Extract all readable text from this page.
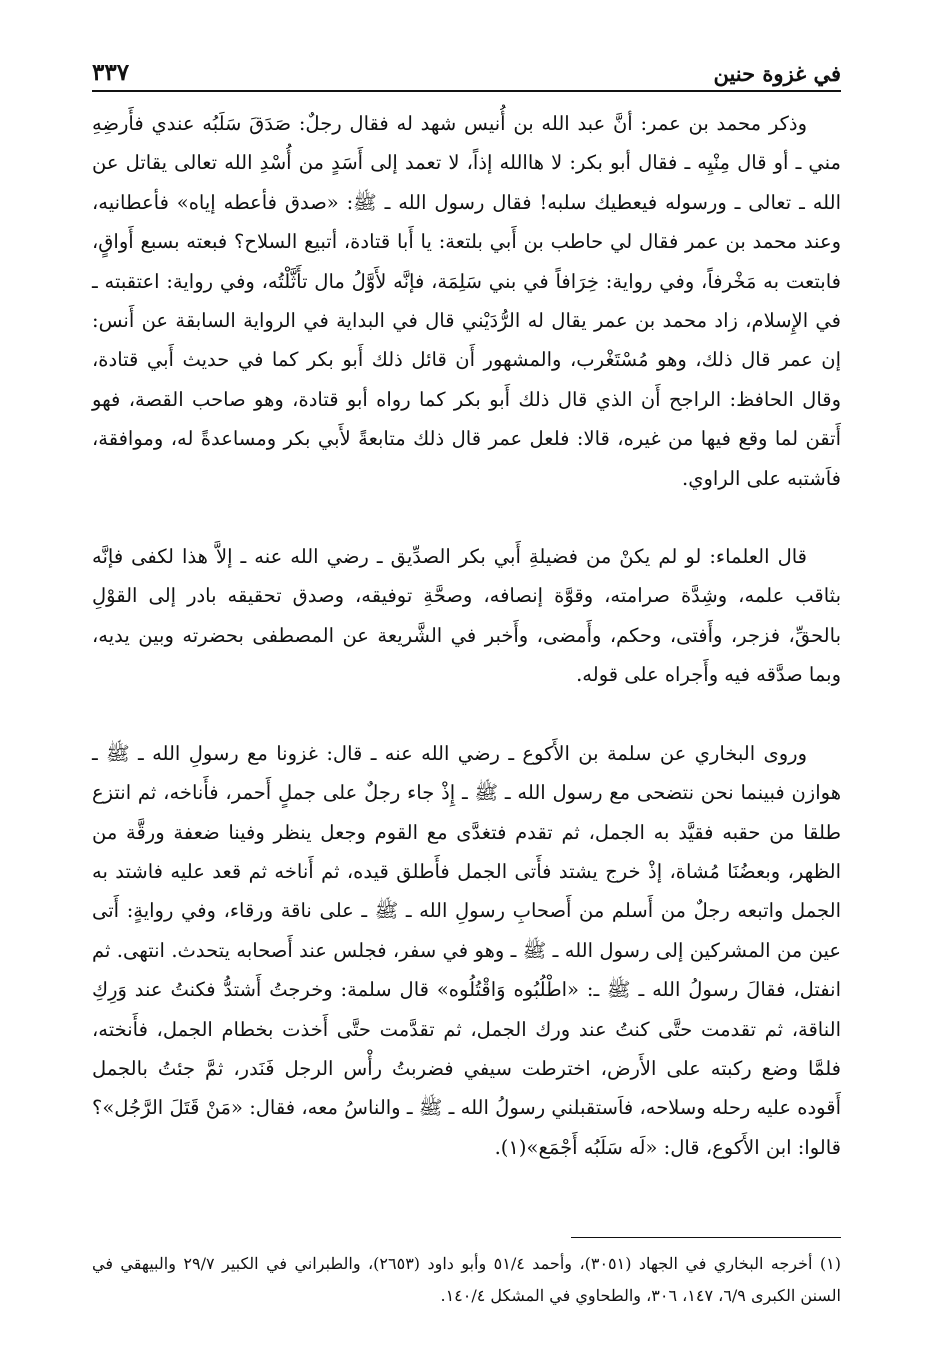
في غزوة حنين
٣٣٧

وذكر محمد بن عمر: أنَّ عبد الله بن أُنيس شهد له فقال رجلٌ: صَدَقَ سَلَبُه عندي فأَرضِهِ مني ـ أو قال مِنْيِه ـ فقال أبو بكر: لا هاالله إذاً، لا تعمد إلى أَسَدٍ من أُسْدِ الله تعالى يقاتل عن الله ـ تعالى ـ ورسوله فيعطيك سلبه! فقال رسول الله ـ ﷺ: «صدق فأعطه إياه» فأعطانيه، وعند محمد بن عمر فقال لي حاطب بن أَبي بلتعة: يا أَبا قتادة، أتبيع السلاح؟ فبعته بسبع أَواقٍ، فابتعت به مَخْرفاً، وفي رواية: خِرَافاً في بني سَلِمَة، فإنَّه لأَوَّلُ مال تأَثَّلْتُه، وفي رواية: اعتقبته ـ في الإِسلام، زاد محمد بن عمر يقال له الرُّدَيْني قال في البداية في الرواية السابقة عن أَنس: إن عمر قال ذلك، وهو مُسْتَغْرب، والمشهور أَن قائل ذلك أَبو بكر كما في حديث أَبي قتادة، وقال الحافظ: الراجح أَن الذي قال ذلك أَبو بكر كما رواه أبو قتادة، وهو صاحب القصة، فهو أَتقن لما وقع فيها من غيره، قالا: فلعل عمر قال ذلك متابعةً لأَبي بكر ومساعدةً له، وموافقة، فاَشتبه على الراوي.

قال العلماء: لو لم يكنْ من فضيلةِ أَبي بكر الصدِّيق ـ رضي الله عنه ـ إلاَّ هذا لكفى فإنَّه بثاقب علمه، وشِدَّة صرامته، وقوَّة إنصافه، وصحَّةِ توفيقه، وصدق تحقيقه بادر إلى القوْلِ بالحقِّ، فزجر، وأَفتى، وحكم، وأَمضى، وأَخبر في الشَّريعة عن المصطفى بحضرته وبين يديه، وبما صدَّقه فيه وأَجراه على قوله.

وروى البخاري عن سلمة بن الأَكوع ـ رضي الله عنه ـ قال: غزونا مع رسولِ الله ـ ﷺ ـ هوازن فبينما نحن نتضحى مع رسول الله ـ ﷺ ـ إِذْ جاء رجلٌ على جملٍ أَحمر، فأَناخه، ثم انتزع طلقا من حقبه فقيَّد به الجمل، ثم تقدم فتغدَّى مع القوم وجعل ينظر وفينا ضعفة ورقَّة من الظهر، وبعضُنَا مُشاة، إذْ خرج يشتد فأَتى الجمل فأَطلق قيده، ثم أَناخه ثم قعد عليه فاشتد به الجمل واتبعه رجلٌ من أَسلم من أَصحابِ رسولِ الله ـ ﷺ ـ على ناقة ورقاء، وفي روايةٍ: أَتى عين من المشركين إلى رسول الله ـ ﷺ ـ وهو في سفر، فجلس عند أَصحابه يتحدث. انتهى. ثم انفتل، فقالَ رسولُ الله ـ ﷺ ـ: «اطْلُبُوه وَاقْتُلُوه» قال سلمة: وخرجتُ أَشتدُّ فكنتُ عند وَرِكِ الناقة، ثم تقدمت حتَّى كنتُ عند ورك الجمل، ثم تقدَّمت حتَّى أَخذت بخطام الجمل، فأَنخته، فلمَّا وضع ركبته على الأَرض، اخترطت سيفي فضربتُ رأْس الرجل فَنَدر، ثمَّ جئتُ بالجمل أَقوده عليه رحله وسلاحه، فاَستقبلني رسولُ الله ـ ﷺ ـ والناسُ معه، فقال: «مَنْ قَتَلَ الرَّجُل»؟ قالوا: ابن الأَكوع، قال: «لَه سَلَبُه أَجْمَع»(١).

(١) أخرجه البخاري في الجهاد (٣٠٥١)، وأحمد ٥١/٤ وأبو داود (٢٦٥٣)، والطبراني في الكبير ٢٩/٧ والبيهقي في السنن الكبرى ٦/٩، ١٤٧، ٣٠٦، والطحاوي في المشكل ١٤٠/٤.
